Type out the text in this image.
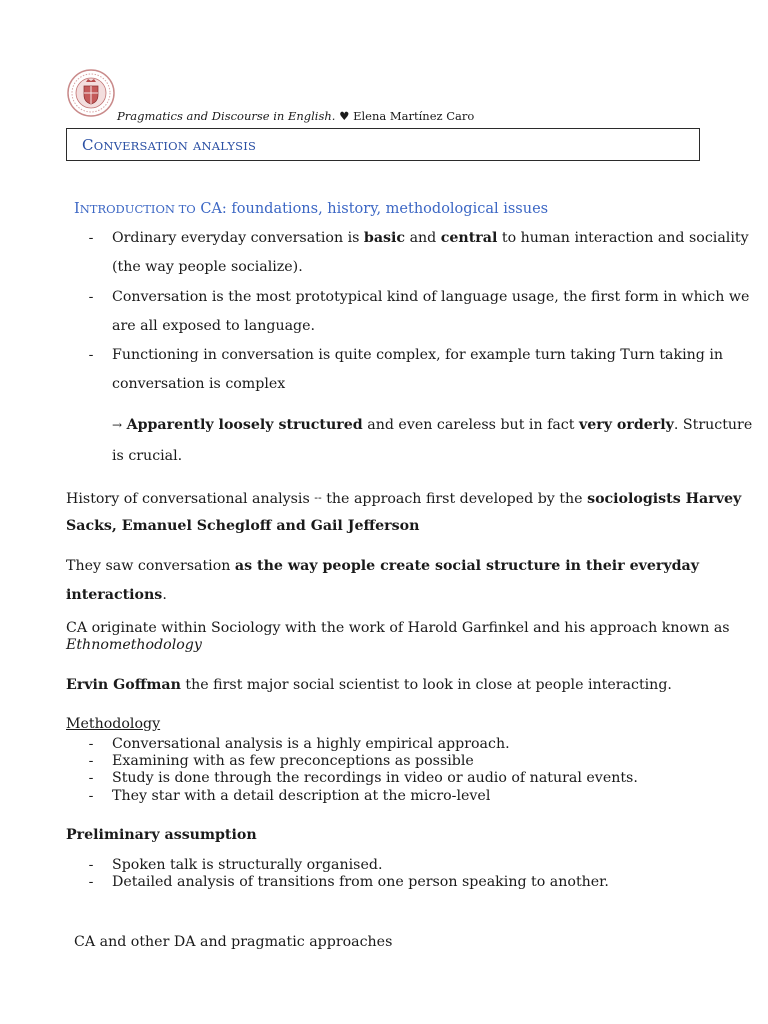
Pragmatics and Discourse in English. ♥ Elena Martínez Caro
CONVERSATION ANALYSIS
INTRODUCTION TO CA: foundations, history, methodological issues
- Ordinary everyday conversation is basic and central to human interaction and sociality
(the way people socialize).
- Conversation is the most prototypical kind of language usage, the first form in which we
are all exposed to language.
- Functioning in conversation is quite complex, for example turn taking Turn taking in
conversation is complex
→ Apparently loosely structured and even careless but in fact very orderly. Structure
is crucial.
History of conversational analysis -- the approach first developed by the sociologists Harvey
Sacks, Emanuel Schegloff and Gail Jefferson
They saw conversation as the way people create social structure in their everyday
interactions.
CA originate within Sociology with the work of Harold Garfinkel and his approach known as
Ethnomethodology
Ervin Goffman the first major social scientist to look in close at people interacting.
Methodology
- Conversational analysis is a highly empirical approach.
- Examining with as few preconceptions as possible
- Study is done through the recordings in video or audio of natural events.
- They star with a detail description at the micro-level
Preliminary assumption
- Spoken talk is structurally organised.
- Detailed analysis of transitions from one person speaking to another.
CA and other DA and pragmatic approaches
